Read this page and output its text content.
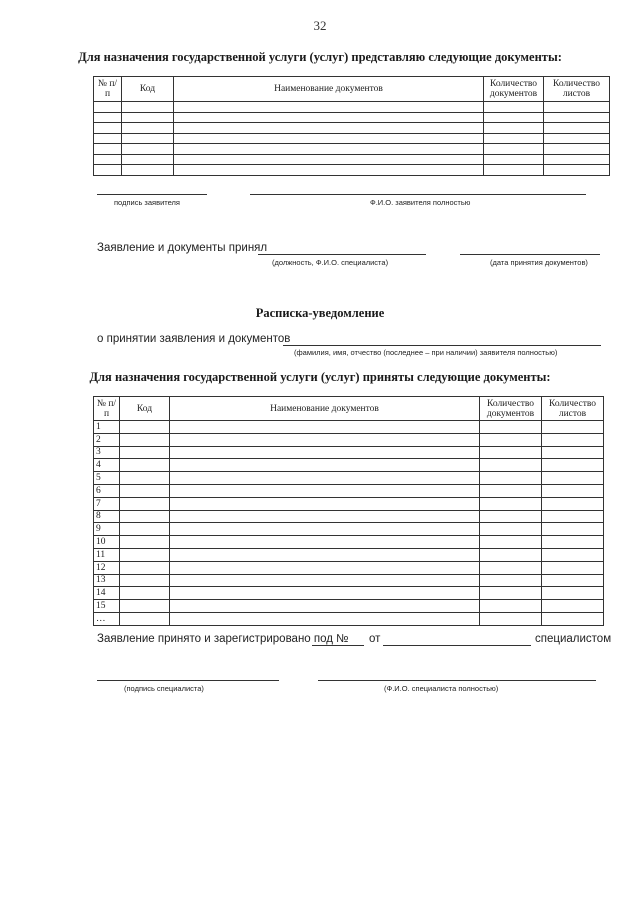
32
Для назначения государственной услуги (услуг) представляю следующие документы:
№ п/п	Код	Наименование документов	Количество документов	Количество листов

подпись заявителя	Ф.И.О. заявителя полностью
Заявление и документы принял
(должность, Ф.И.О. специалиста)	(дата принятия документов)
Расписка-уведомление
о принятии заявления и документов
(фамилия, имя, отчество (последнее – при наличии) заявителя полностью)
Для назначения государственной услуги (услуг) приняты следующие документы:
№ п/п	Код	Наименование документов	Количество документов	Количество листов
1				
2				
3				
4				
5				
6				
7				
8				
9				
10				
11				
12				
13				
14				
15				
…				
Заявление принято и зарегистрировано под № от	специалистом
(подпись специалиста)	(Ф.И.О. специалиста полностью)
